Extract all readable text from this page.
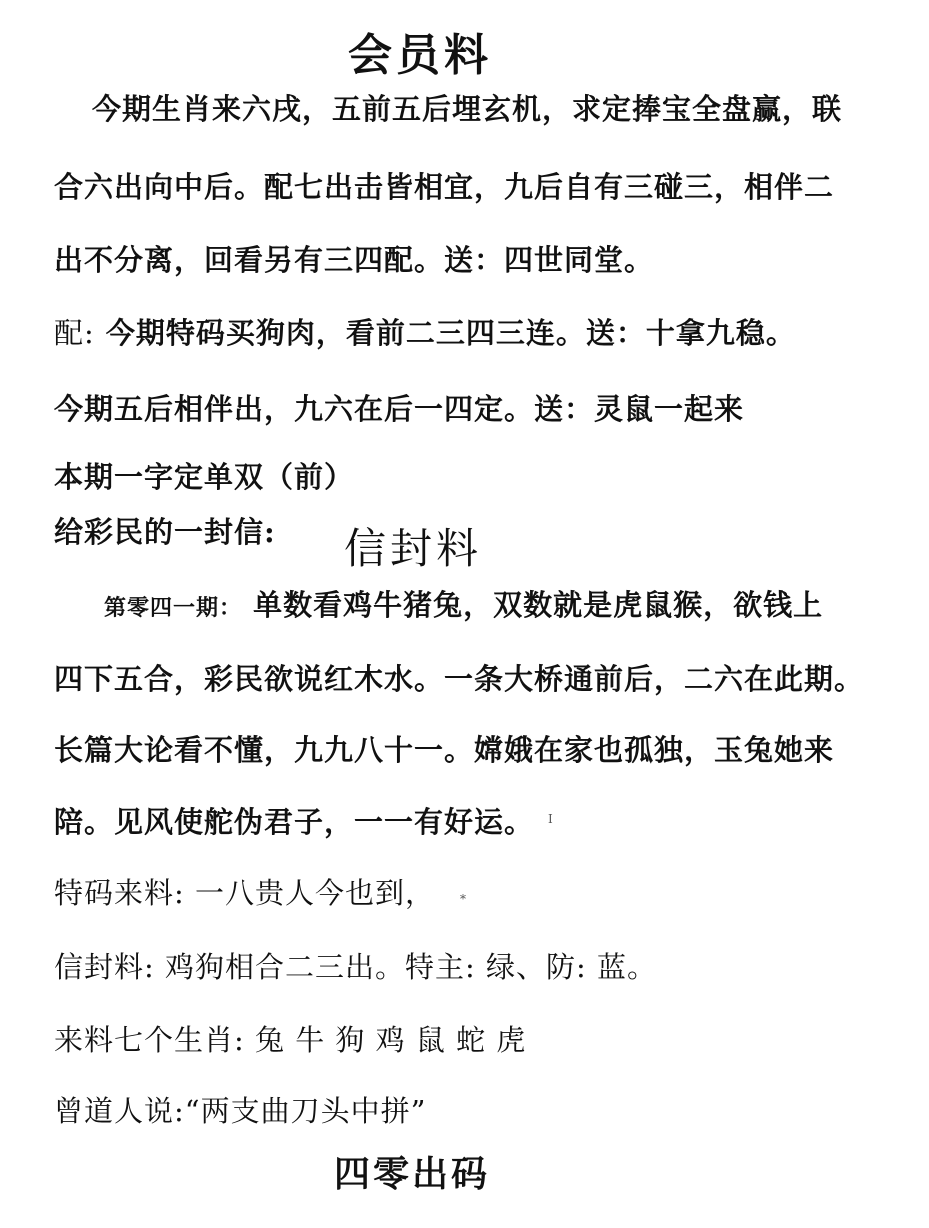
会员料
今期生肖来六戌，五前五后埋玄机，求定捧宝全盘赢，联
合六出向中后。配七出击皆相宜，九后自有三碰三，相伴二
出不分离，回看另有三四配。送：四世同堂。
配: 今期特码买狗肉，看前二三四三连。送：十拿九稳。
今期五后相伴出，九六在后一四定。送：灵鼠一起来
本期一字定单双（前）
给彩民的一封信: 信封料
第零四一期： 单数看鸡牛猪兔，双数就是虎鼠猴，欲钱上
四下五合，彩民欲说红木水。一条大桥通前后，二六在此期。
长篇大论看不懂，九九八十一。嫦娥在家也孤独，玉兔她来
陪。见风使舵伪君子，一一有好运。 I
特码来料: 一八贵人今也到， *
信封料: 鸡狗相合二三出。特主: 绿、防: 蓝。
来料七个生肖: 兔 牛 狗 鸡 鼠 蛇 虎
曾道人说:“两支曲刀头中拼”
四零出码
